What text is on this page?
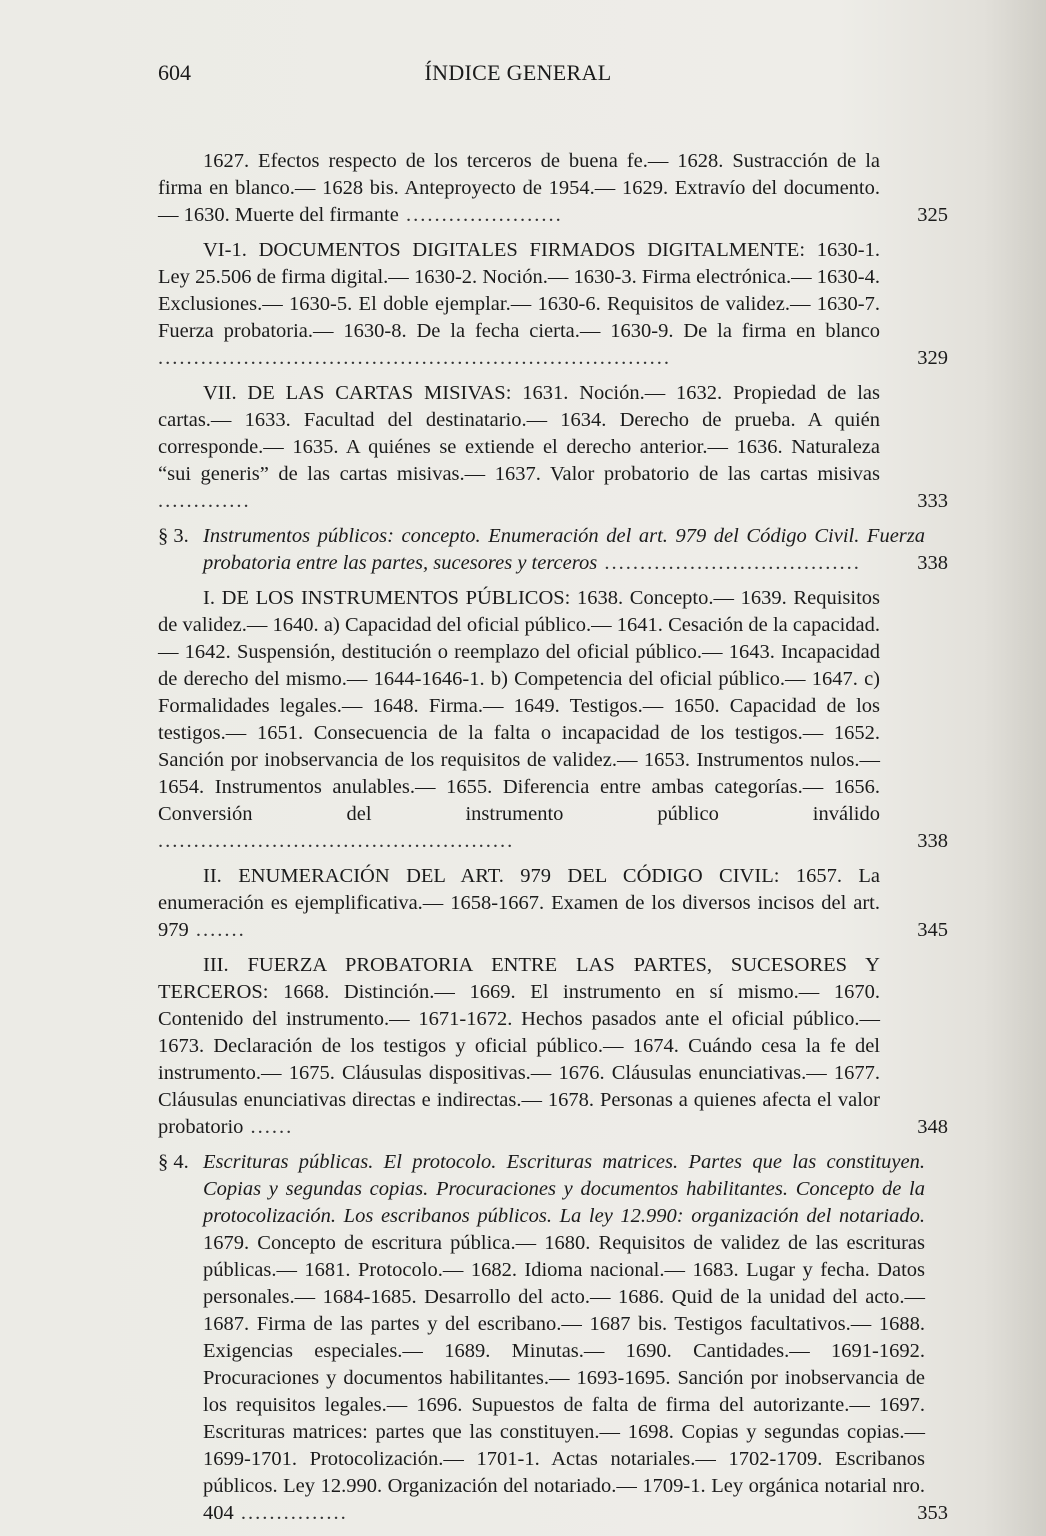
604	ÍNDICE GENERAL
1627. Efectos respecto de los terceros de buena fe.— 1628. Sustracción de la firma en blanco.— 1628 bis. Anteproyecto de 1954.— 1629. Extravío del documento.— 1630. Muerte del firmante ......................	325
VI-1. DOCUMENTOS DIGITALES FIRMADOS DIGITALMENTE: 1630-1. Ley 25.506 de firma digital.— 1630-2. Noción.— 1630-3. Firma electrónica.— 1630-4. Exclusiones.— 1630-5. El doble ejemplar.— 1630-6. Requisitos de validez.— 1630-7. Fuerza probatoria.— 1630-8. De la fecha cierta.— 1630-9. De la firma en blanco ........................................................................	329
VII. DE LAS CARTAS MISIVAS: 1631. Noción.— 1632. Propiedad de las cartas.— 1633. Facultad del destinatario.— 1634. Derecho de prueba. A quién corresponde.— 1635. A quiénes se extiende el derecho anterior.— 1636. Naturaleza “sui generis” de las cartas misivas.— 1637. Valor probatorio de las cartas misivas .............	333
§ 3. Instrumentos públicos: concepto. Enumeración del art. 979 del Código Civil. Fuerza probatoria entre las partes, sucesores y terceros ....................................	338
I. DE LOS INSTRUMENTOS PÚBLICOS: 1638. Concepto.— 1639. Requisitos de validez.— 1640. a) Capacidad del oficial público.— 1641. Cesación de la capacidad.— 1642. Suspensión, destitución o reemplazo del oficial público.— 1643. Incapacidad de derecho del mismo.— 1644-1646-1. b) Competencia del oficial público.— 1647. c) Formalidades legales.— 1648. Firma.— 1649. Testigos.— 1650. Capacidad de los testigos.— 1651. Consecuencia de la falta o incapacidad de los testigos.— 1652. Sanción por inobservancia de los requisitos de validez.— 1653. Instrumentos nulos.— 1654. Instrumentos anulables.— 1655. Diferencia entre ambas categorías.— 1656. Conversión del instrumento público inválido ..................................................	338
II. ENUMERACIÓN DEL ART. 979 DEL CÓDIGO CIVIL: 1657. La enumeración es ejemplificativa.— 1658-1667. Examen de los diversos incisos del art. 979 .......	345
III. FUERZA PROBATORIA ENTRE LAS PARTES, SUCESORES Y TERCEROS: 1668. Distinción.— 1669. El instrumento en sí mismo.— 1670. Contenido del instrumento.— 1671-1672. Hechos pasados ante el oficial público.— 1673. Declaración de los testigos y oficial público.— 1674. Cuándo cesa la fe del instrumento.— 1675. Cláusulas dispositivas.— 1676. Cláusulas enunciativas.— 1677. Cláusulas enunciativas directas e indirectas.— 1678. Personas a quienes afecta el valor probatorio ......	348
§ 4. Escrituras públicas. El protocolo. Escrituras matrices. Partes que las constituyen. Copias y segundas copias. Procuraciones y documentos habilitantes. Concepto de la protocolización. Los escribanos públicos. La ley 12.990: organización del notariado. 1679. Concepto de escritura pública.— 1680. Requisitos de validez de las escrituras públicas.— 1681. Protocolo.— 1682. Idioma nacional.— 1683. Lugar y fecha. Datos personales.— 1684-1685. Desarrollo del acto.— 1686. Quid de la unidad del acto.— 1687. Firma de las partes y del escribano.— 1687 bis. Testigos facultativos.— 1688. Exigencias especiales.— 1689. Minutas.— 1690. Cantidades.— 1691-1692. Procuraciones y documentos habilitantes.— 1693-1695. Sanción por inobservancia de los requisitos legales.— 1696. Supuestos de falta de firma del autorizante.— 1697. Escrituras matrices: partes que las constituyen.— 1698. Copias y segundas copias.— 1699-1701. Protocolización.— 1701-1. Actas notariales.— 1702-1709. Escribanos públicos. Ley 12.990. Organización del notariado.— 1709-1. Ley orgánica notarial nro. 404 ...............	353
